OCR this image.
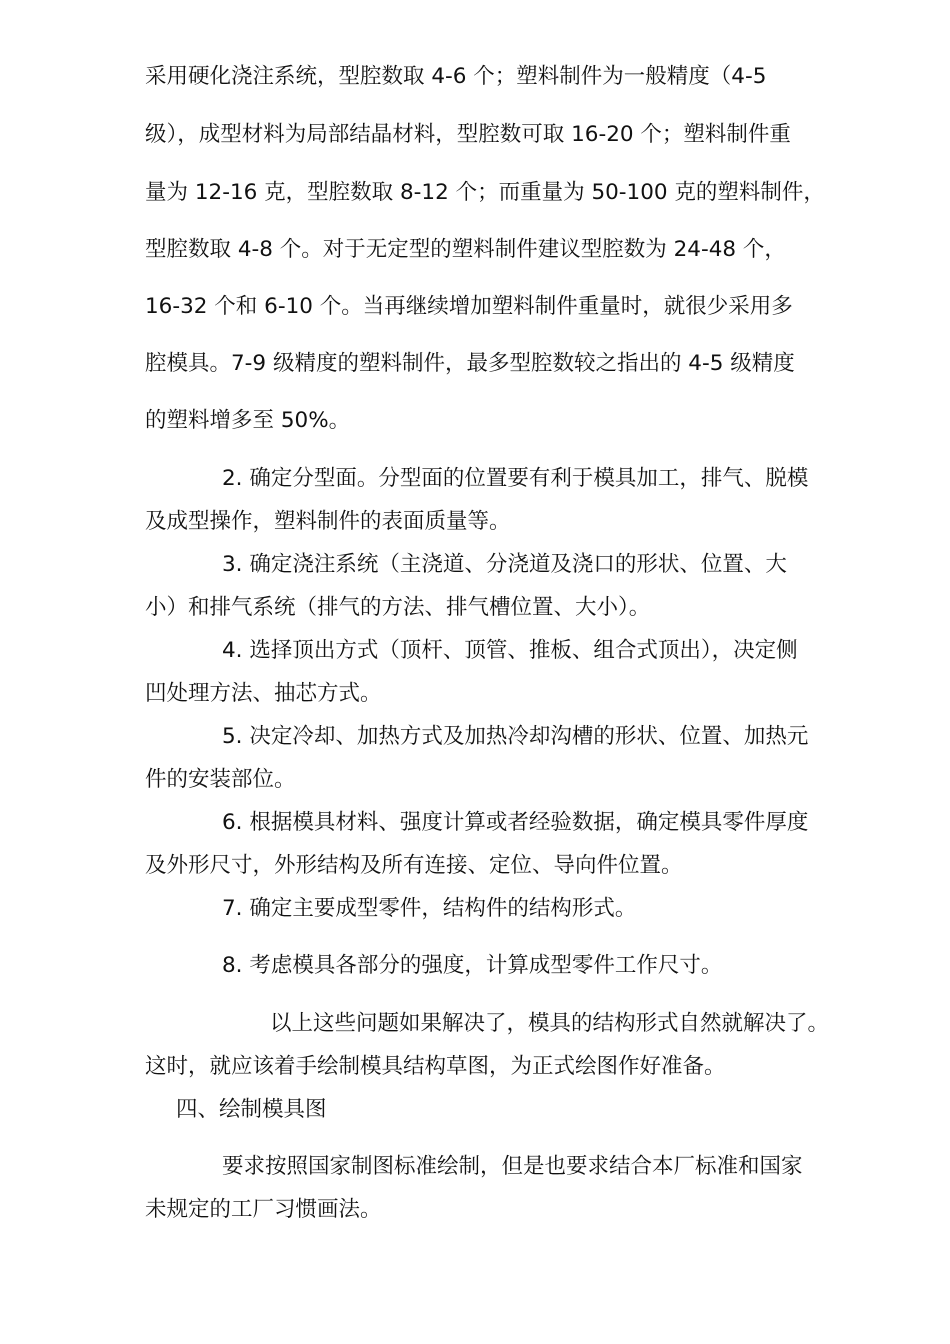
采用硬化浇注系统，型腔数取 4-6 个；塑料制件为一般精度（4-5
级），成型材料为局部结晶材料，型腔数可取 16-20 个；塑料制件重
量为 12-16 克，型腔数取 8-12 个；而重量为 50-100 克的塑料制件，
型腔数取 4-8 个。对于无定型的塑料制件建议型腔数为 24-48 个，
16-32 个和 6-10 个。当再继续增加塑料制件重量时，就很少采用多
腔模具。7-9 级精度的塑料制件，最多型腔数较之指出的 4-5 级精度
的塑料增多至 50%。
2. 确定分型面。分型面的位置要有利于模具加工，排气、脱模
及成型操作，塑料制件的表面质量等。
3. 确定浇注系统（主浇道、分浇道及浇口的形状、位置、大
小）和排气系统（排气的方法、排气槽位置、大小）。
4. 选择顶出方式（顶杆、顶管、推板、组合式顶出），决定侧
凹处理方法、抽芯方式。
5. 决定冷却、加热方式及加热冷却沟槽的形状、位置、加热元
件的安装部位。
6. 根据模具材料、强度计算或者经验数据，确定模具零件厚度
及外形尺寸，外形结构及所有连接、定位、导向件位置。
7. 确定主要成型零件，结构件的结构形式。
8. 考虑模具各部分的强度，计算成型零件工作尺寸。
以上这些问题如果解决了，模具的结构形式自然就解决了。
这时，就应该着手绘制模具结构草图，为正式绘图作好准备。
四、绘制模具图
要求按照国家制图标准绘制，但是也要求结合本厂标准和国家
未规定的工厂习惯画法。
